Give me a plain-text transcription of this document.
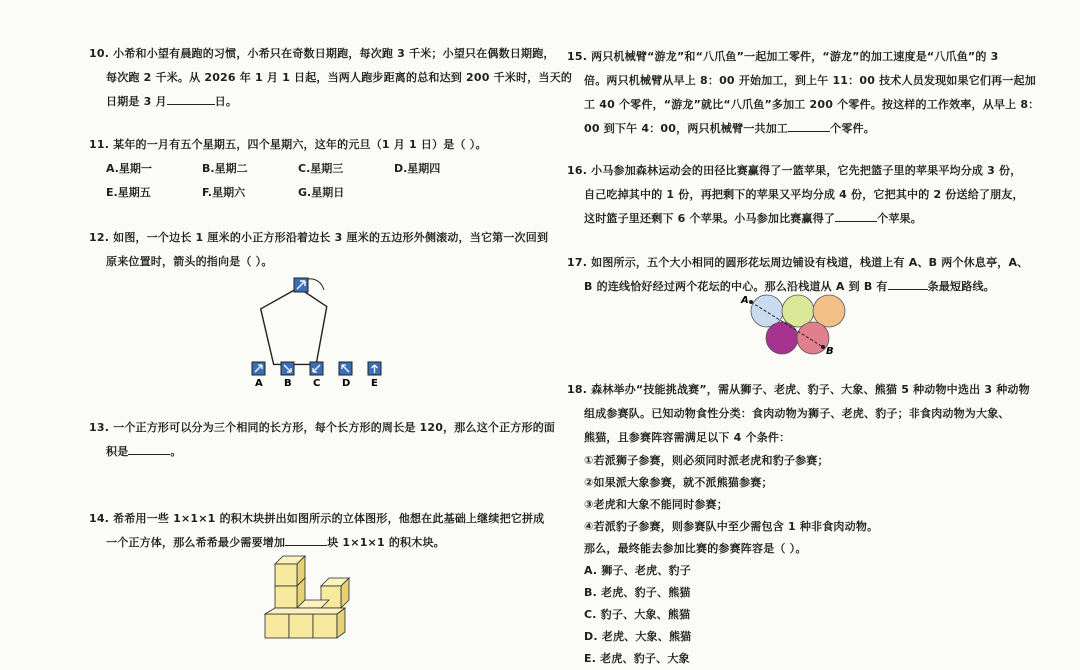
10. 小希和小望有晨跑的习惯，小希只在奇数日期跑，每次跑 3 千米；小望只在偶数日期跑，
每次跑 2 千米。从 2026 年 1 月 1 日起，当两人跑步距离的总和达到 200 千米时，当天的
日期是 3 月	日。
11. 某年的一月有五个星期五，四个星期六，这年的元旦（1 月 1 日）是（ ）。
A.星期一	B.星期二	C.星期三	D.星期四
E.星期五	F.星期六	G.星期日
12. 如图，一个边长 1 厘米的小正方形沿着边长 3 厘米的五边形外侧滚动，当它第一次回到
原来位置时，箭头的指向是（ ）。
A B C D E
13. 一个正方形可以分为三个相同的长方形，每个长方形的周长是 120，那么这个正方形的面
积是	。
14. 希希用一些 1×1×1 的积木块拼出如图所示的立体图形，他想在此基础上继续把它拼成
一个正方体，那么希希最少需要增加	块 1×1×1 的积木块。
15. 两只机械臂“游龙”和“八爪鱼”一起加工零件，“游龙”的加工速度是“八爪鱼”的 3
倍。两只机械臂从早上 8：00 开始加工，到上午 11：00 技术人员发现如果它们再一起加
工 40 个零件，“游龙”就比“八爪鱼”多加工 200 个零件。按这样的工作效率，从早上 8：
00 到下午 4：00，两只机械臂一共加工	个零件。
16. 小马参加森林运动会的田径比赛赢得了一篮苹果，它先把篮子里的苹果平均分成 3 份，
自己吃掉其中的 1 份，再把剩下的苹果又平均分成 4 份，它把其中的 2 份送给了朋友，
这时篮子里还剩下 6 个苹果。小马参加比赛赢得了	个苹果。
17. 如图所示，五个大小相同的圆形花坛周边铺设有栈道，栈道上有 A、B 两个休息亭，A、
B 的连线恰好经过两个花坛的中心。那么沿栈道从 A 到 B 有	条最短路线。
A
B
18. 森林举办“技能挑战赛”，需从狮子、老虎、豹子、大象、熊猫 5 种动物中选出 3 种动物
组成参赛队。已知动物食性分类：食肉动物为狮子、老虎、豹子；非食肉动物为大象、
熊猫，且参赛阵容需满足以下 4 个条件：
①若派狮子参赛，则必须同时派老虎和豹子参赛；
②如果派大象参赛，就不派熊猫参赛；
③老虎和大象不能同时参赛；
④若派豹子参赛，则参赛队中至少需包含 1 种非食肉动物。
那么，最终能去参加比赛的参赛阵容是（ ）。
A. 狮子、老虎、豹子
B. 老虎、豹子、熊猫
C. 豹子、大象、熊猫
D. 老虎、大象、熊猫
E. 老虎、豹子、大象
